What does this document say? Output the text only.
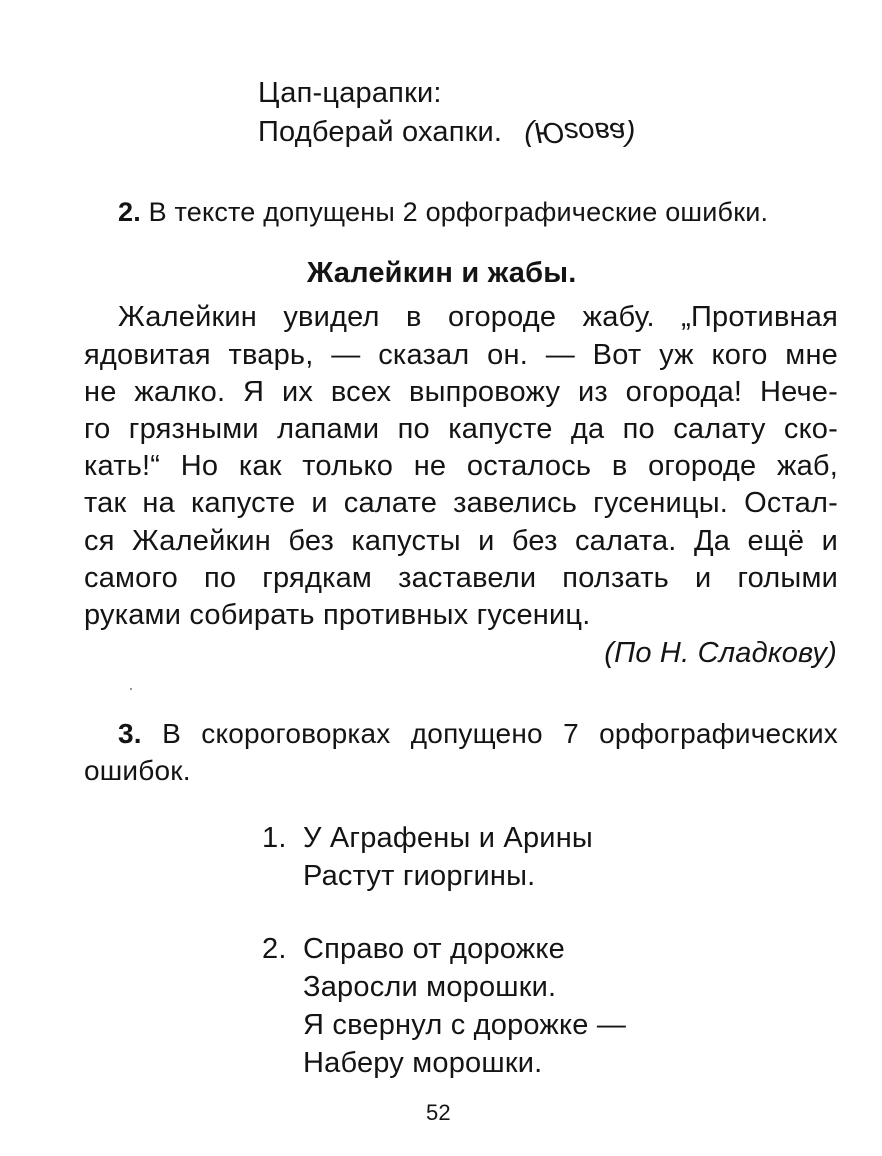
Цап-царапки:
Подберай охапки. (Югова)
2. В тексте допущены 2 орфографические ошибки.
Жалейкин и жабы.
Жалейкин увидел в огороде жабу. „Противная
ядовитая тварь, — сказал он. — Вот уж кого мне
не жалко. Я их всех выпровожу из огорода! Нече-
го грязными лапами по капусте да по салату ско-
кать!“ Но как только не осталось в огороде жаб,
так на капусте и салате завелись гусеницы. Остал-
ся Жалейкин без капусты и без салата. Да ещё и
самого по грядкам заставели ползать и голыми
руками собирать противных гусениц.
(По Н. Сладкову)
3. В скороговорках допущено 7 орфографических
ошибок.
1. У Аграфены и Арины
Растут гиоргины.
2. Справо от дорожке
Заросли морошки.
Я свернул с дорожке —
Наберу морошки.
52
